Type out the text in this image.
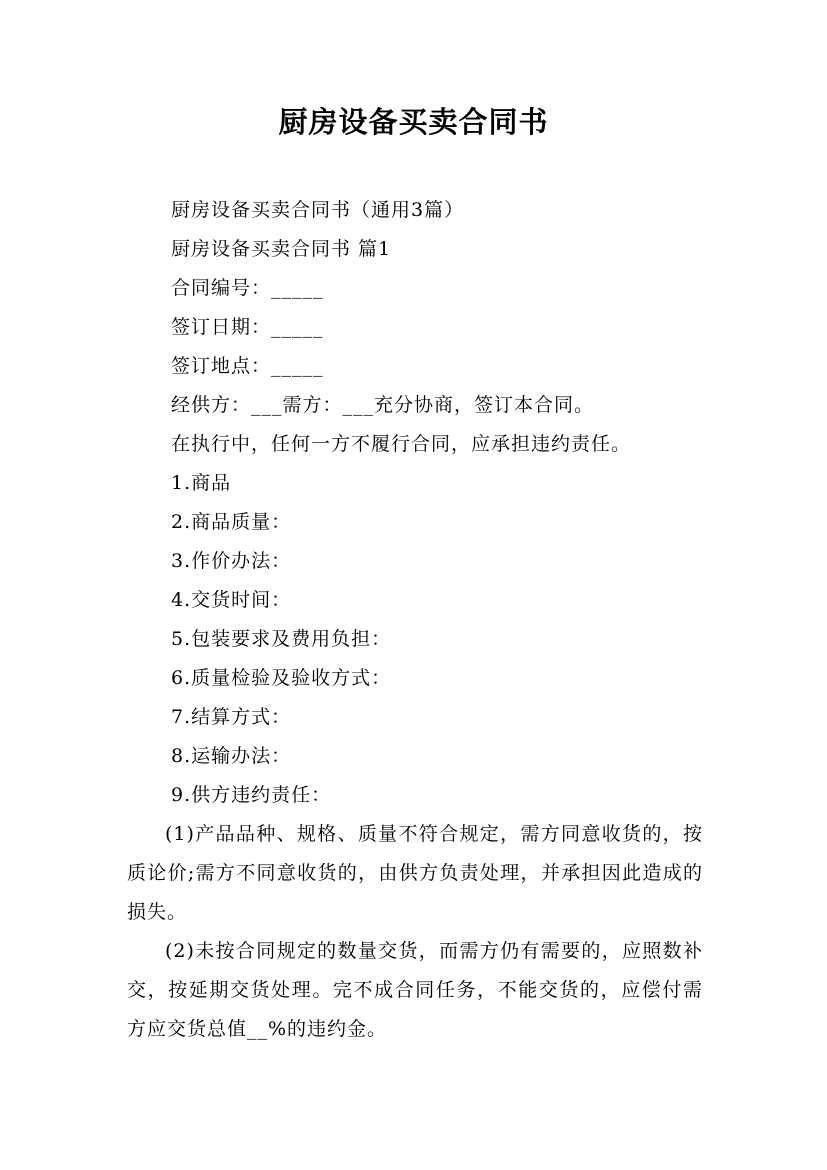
厨房设备买卖合同书
厨房设备买卖合同书（通用3篇）
厨房设备买卖合同书 篇1
合同编号：_____
签订日期：_____
签订地点：_____
经供方：___需方：___充分协商，签订本合同。
在执行中，任何一方不履行合同，应承担违约责任。
1.商品
2.商品质量：
3.作价办法：
4.交货时间：
5.包装要求及费用负担：
6.质量检验及验收方式：
7.结算方式：
8.运输办法：
9.供方违约责任：
(1)产品品种、规格、质量不符合规定，需方同意收货的，按质论价;需方不同意收货的，由供方负责处理，并承担因此造成的损失。
(2)未按合同规定的数量交货，而需方仍有需要的，应照数补交，按延期交货处理。完不成合同任务，不能交货的，应偿付需方应交货总值__%的违约金。
